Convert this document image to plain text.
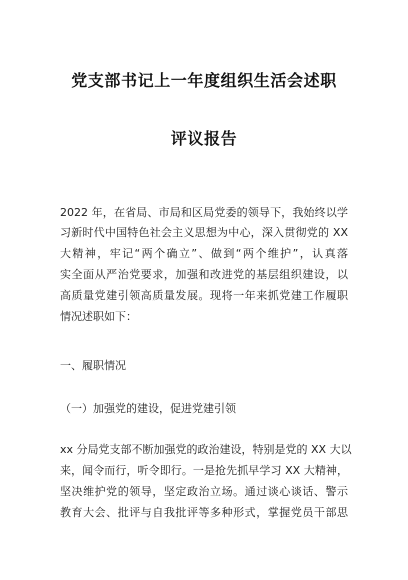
党支部书记上一年度组织生活会述职
评议报告
2022 年，在省局、市局和区局党委的领导下，我始终以学
习新时代中国特色社会主义思想为中心，深入贯彻党的 XX
大精神，牢记“两个确立”、做到“两个维护”，认真落
实全面从严治党要求，加强和改进党的基层组织建设，以
高质量党建引领高质量发展。现将一年来抓党建工作履职
情况述职如下：
一、履职情况
（一）加强党的建设，促进党建引领
xx 分局党支部不断加强党的政治建设，特别是党的 XX 大以
来，闻令而行，听令即行。一是抢先抓早学习 XX 大精神，
坚决维护党的领导，坚定政治立场。通过谈心谈话、警示
教育大会、批评与自我批评等多种形式，掌握党员干部思
